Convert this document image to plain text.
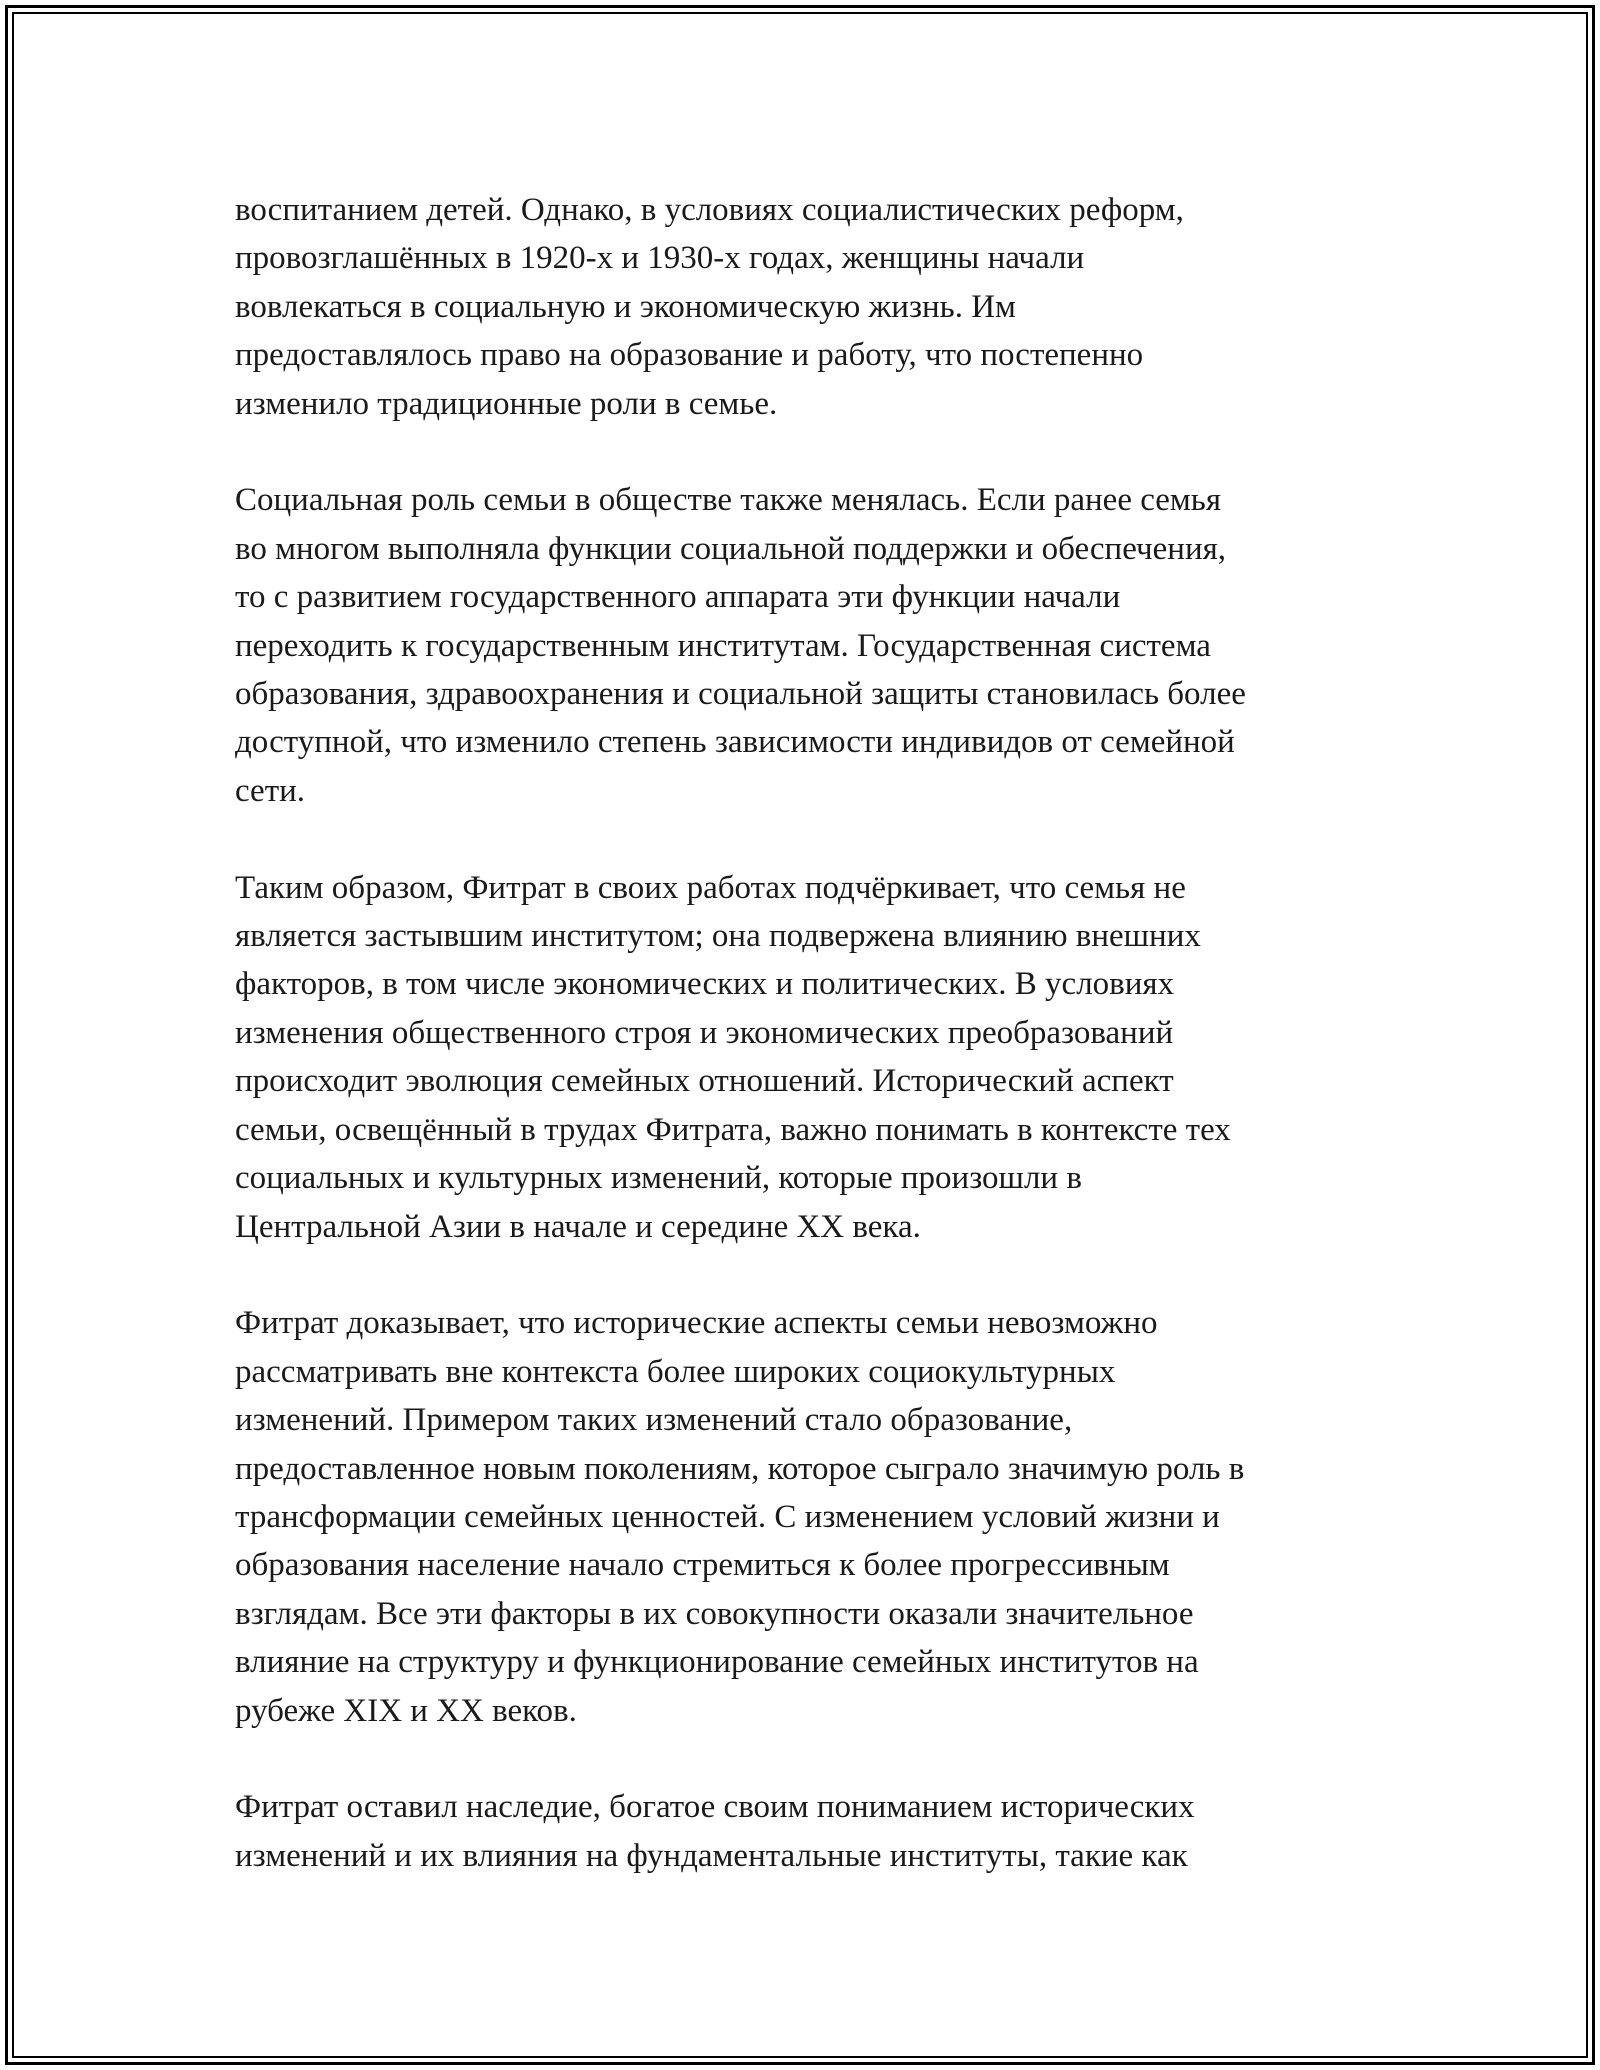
воспитанием детей. Однако, в условиях социалистических реформ,
провозглашённых в 1920-х и 1930-х годах, женщины начали
вовлекаться в социальную и экономическую жизнь. Им
предоставлялось право на образование и работу, что постепенно
изменило традиционные роли в семье.

Социальная роль семьи в обществе также менялась. Если ранее семья
во многом выполняла функции социальной поддержки и обеспечения,
то с развитием государственного аппарата эти функции начали
переходить к государственным институтам. Государственная система
образования, здравоохранения и социальной защиты становилась более
доступной, что изменило степень зависимости индивидов от семейной
сети.

Таким образом, Фитрат в своих работах подчёркивает, что семья не
является застывшим институтом; она подвержена влиянию внешних
факторов, в том числе экономических и политических. В условиях
изменения общественного строя и экономических преобразований
происходит эволюция семейных отношений. Исторический аспект
семьи, освещённый в трудах Фитрата, важно понимать в контексте тех
социальных и культурных изменений, которые произошли в
Центральной Азии в начале и середине XX века.

Фитрат доказывает, что исторические аспекты семьи невозможно
рассматривать вне контекста более широких социокультурных
изменений. Примером таких изменений стало образование,
предоставленное новым поколениям, которое сыграло значимую роль в
трансформации семейных ценностей. С изменением условий жизни и
образования население начало стремиться к более прогрессивным
взглядам. Все эти факторы в их совокупности оказали значительное
влияние на структуру и функционирование семейных институтов на
рубеже XIX и XX веков.

Фитрат оставил наследие, богатое своим пониманием исторических
изменений и их влияния на фундаментальные институты, такие как
